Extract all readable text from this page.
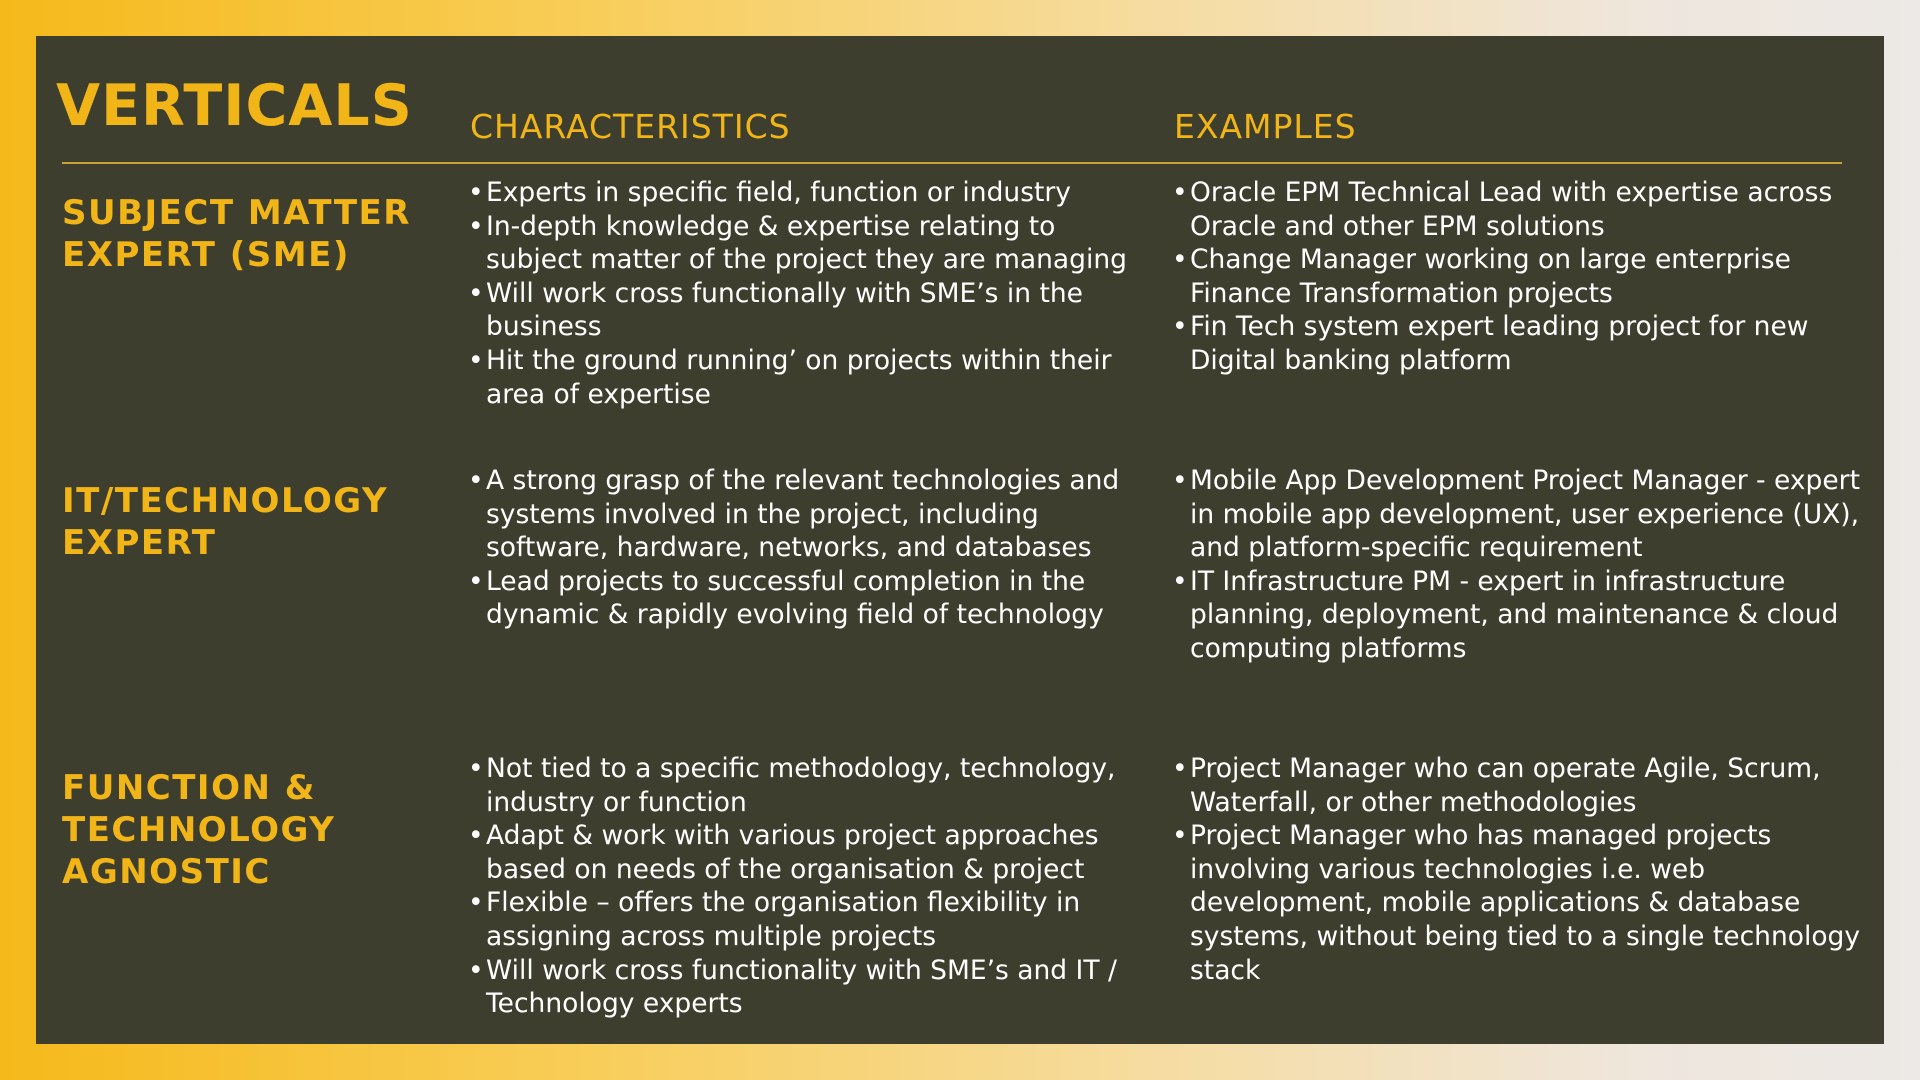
VERTICALS CHARACTERISTICS	EXAMPLES
SUBJECT MATTER
EXPERT (SME)
• Experts in specific field, function or industry
• In-depth knowledge & expertise relating to subject matter of the project they are managing
• Will work cross functionally with SME’s in the business
• Hit the ground running’ on projects within their area of expertise
• Oracle EPM Technical Lead with expertise across Oracle and other EPM solutions
• Change Manager working on large enterprise Finance Transformation projects
• Fin Tech system expert leading project for new Digital banking platform
IT/TECHNOLOGY
EXPERT
• A strong grasp of the relevant technologies and systems involved in the project, including software, hardware, networks, and databases
• Lead projects to successful completion in the dynamic & rapidly evolving field of technology
• Mobile App Development Project Manager - expert in mobile app development, user experience (UX), and platform-specific requirement
• IT Infrastructure PM - expert in infrastructure planning, deployment, and maintenance & cloud computing platforms
FUNCTION &
TECHNOLOGY
AGNOSTIC
• Not tied to a specific methodology, technology, industry or function
• Adapt & work with various project approaches based on needs of the organisation & project
• Flexible – offers the organisation flexibility in assigning across multiple projects
• Will work cross functionality with SME’s and IT / Technology experts
• Project Manager who can operate Agile, Scrum, Waterfall, or other methodologies
• Project Manager who has managed projects involving various technologies i.e. web development, mobile applications & database systems, without being tied to a single technology stack
